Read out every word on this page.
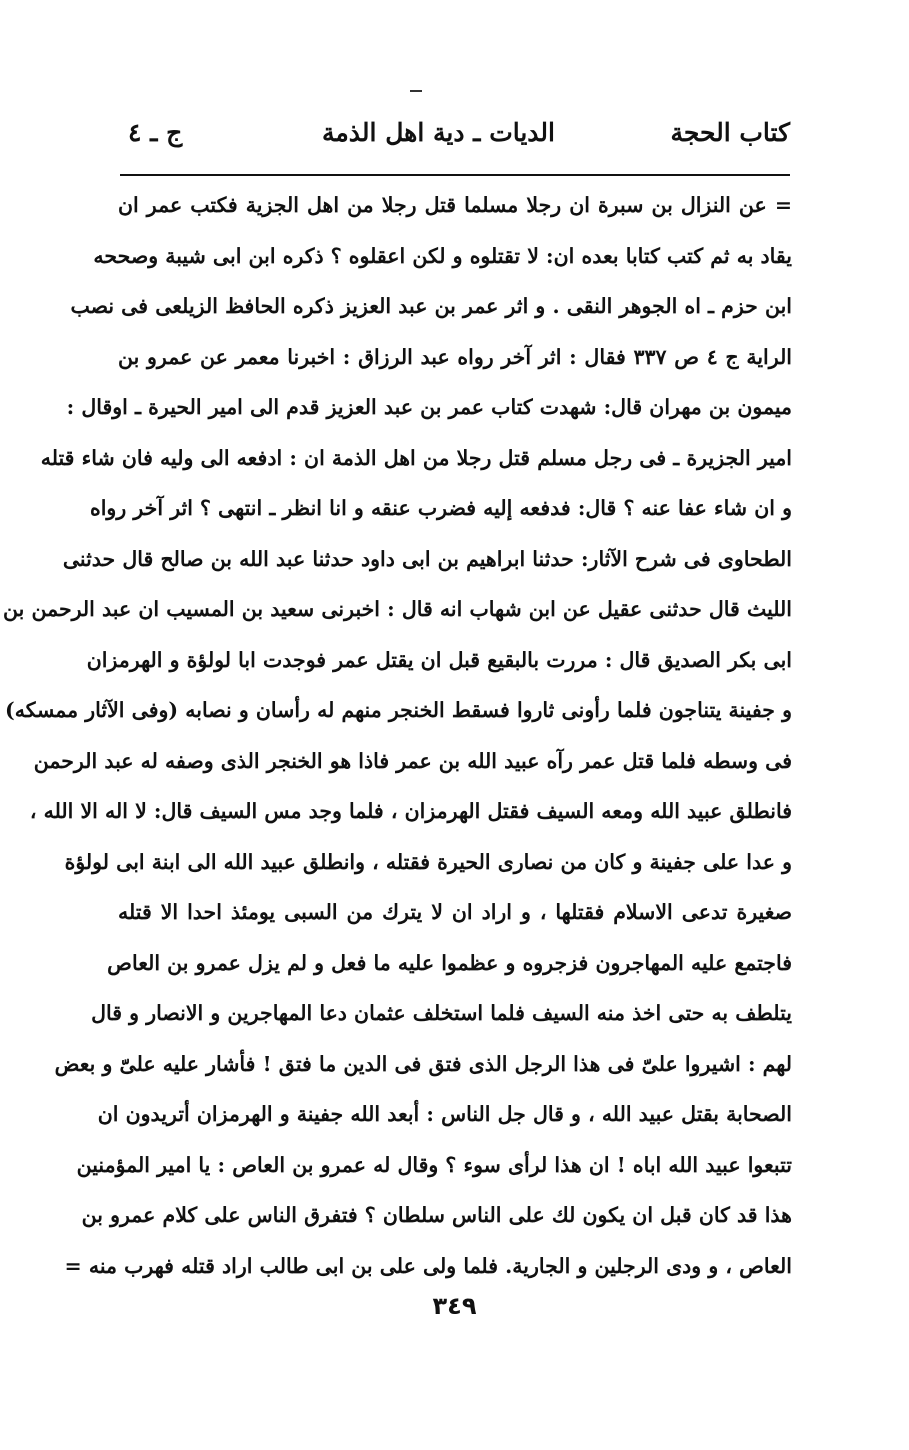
كتاب الحجة
الديات ـ دية اهل الذمة
ج ـ ٤
= عن النزال بن سبرة ان رجلا مسلما قتل رجلا من اهل الجزية فكتب عمر ان
يقاد به ثم كتب كتابا بعده ان: لا تقتلوه و لكن اعقلوه ؟ ذكره ابن ابى شيبة وصححه
ابن حزم ـ اه الجوهر النقى . و اثر عمر بن عبد العزيز ذكره الحافظ الزيلعى فى نصب
الراية ج ٤ ص ٣٣٧ فقال : اثر آخر رواه عبد الرزاق : اخبرنا معمر عن عمرو بن
ميمون بن مهران قال: شهدت كتاب عمر بن عبد العزيز قدم الى امير الحيرة ـ اوقال :
امير الجزيرة ـ فى رجل مسلم قتل رجلا من اهل الذمة ان : ادفعه الى وليه فان شاء قتله
و ان شاء عفا عنه ؟ قال: فدفعه إليه فضرب عنقه و انا انظر ـ انتهى ؟ اثر آخر رواه
الطحاوى فى شرح الآثار: حدثنا ابراهيم بن ابى داود حدثنا عبد الله بن صالح قال حدثنى
الليث قال حدثنى عقيل عن ابن شهاب انه قال : اخبرنى سعيد بن المسيب ان عبد الرحمن بن
ابى بكر الصديق قال : مررت بالبقيع قبل ان يقتل عمر فوجدت ابا لولؤة و الهرمزان
و جفينة يتناجون فلما رأونى ثاروا فسقط الخنجر منهم له رأسان و نصابه (وفى الآثار ممسكه)
فى وسطه فلما قتل عمر رآه عبيد الله بن عمر فاذا هو الخنجر الذى وصفه له عبد الرحمن
فانطلق عبيد الله ومعه السيف فقتل الهرمزان ، فلما وجد مس السيف قال: لا اله الا الله ،
و عدا على جفينة و كان من نصارى الحيرة فقتله ، وانطلق عبيد الله الى ابنة ابى لولؤة
صغيرة تدعى الاسلام فقتلها ، و اراد ان لا يترك من السبى يومئذ احدا الا قتله
فاجتمع عليه المهاجرون فزجروه و عظموا عليه ما فعل و لم يزل عمرو بن العاص
يتلطف به حتى اخذ منه السيف فلما استخلف عثمان دعا المهاجرين و الانصار و قال
لهم : اشيروا علىّ فى هذا الرجل الذى فتق فى الدين ما فتق ! فأشار عليه علىّ و بعض
الصحابة بقتل عبيد الله ، و قال جل الناس : أبعد الله جفينة و الهرمزان أتريدون ان
تتبعوا عبيد الله اباه ! ان هذا لرأى سوء ؟ وقال له عمرو بن العاص : يا امير المؤمنين
هذا قد كان قبل ان يكون لك على الناس سلطان ؟ فتفرق الناس على كلام عمرو بن
العاص ، و ودى الرجلين و الجارية. فلما ولى على بن ابى طالب اراد قتله فهرب منه =
٣٤٩
